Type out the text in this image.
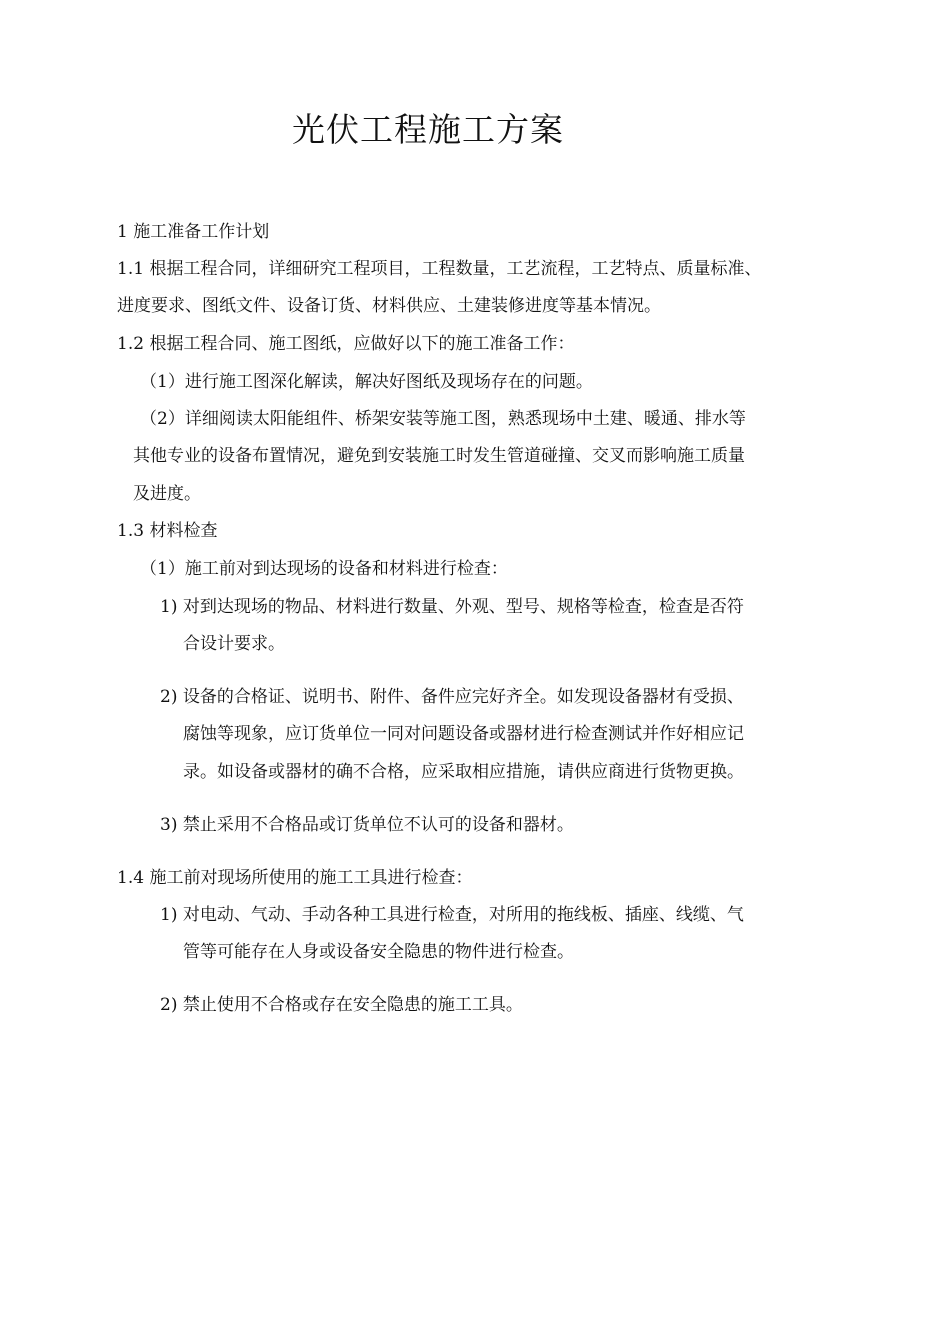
光伏工程施工方案
1 施工准备工作计划
1.1 根据工程合同，详细研究工程项目，工程数量，工艺流程，工艺特点、质量标准、
进度要求、图纸文件、设备订货、材料供应、土建装修进度等基本情况。
1.2 根据工程合同、施工图纸，应做好以下的施工准备工作：
（1）进行施工图深化解读，解决好图纸及现场存在的问题。
（2）详细阅读太阳能组件、桥架安装等施工图，熟悉现场中土建、暖通、排水等
其他专业的设备布置情况，避免到安装施工时发生管道碰撞、交叉而影响施工质量
及进度。
1.3 材料检查
（1）施工前对到达现场的设备和材料进行检查：
1) 对到达现场的物品、材料进行数量、外观、型号、规格等检查，检查是否符
合设计要求。
2) 设备的合格证、说明书、附件、备件应完好齐全。如发现设备器材有受损、
腐蚀等现象，应订货单位一同对问题设备或器材进行检查测试并作好相应记
录。如设备或器材的确不合格，应采取相应措施，请供应商进行货物更换。
3) 禁止采用不合格品或订货单位不认可的设备和器材。
1.4 施工前对现场所使用的施工工具进行检查：
1) 对电动、气动、手动各种工具进行检查，对所用的拖线板、插座、线缆、气
管等可能存在人身或设备安全隐患的物件进行检查。
2) 禁止使用不合格或存在安全隐患的施工工具。
